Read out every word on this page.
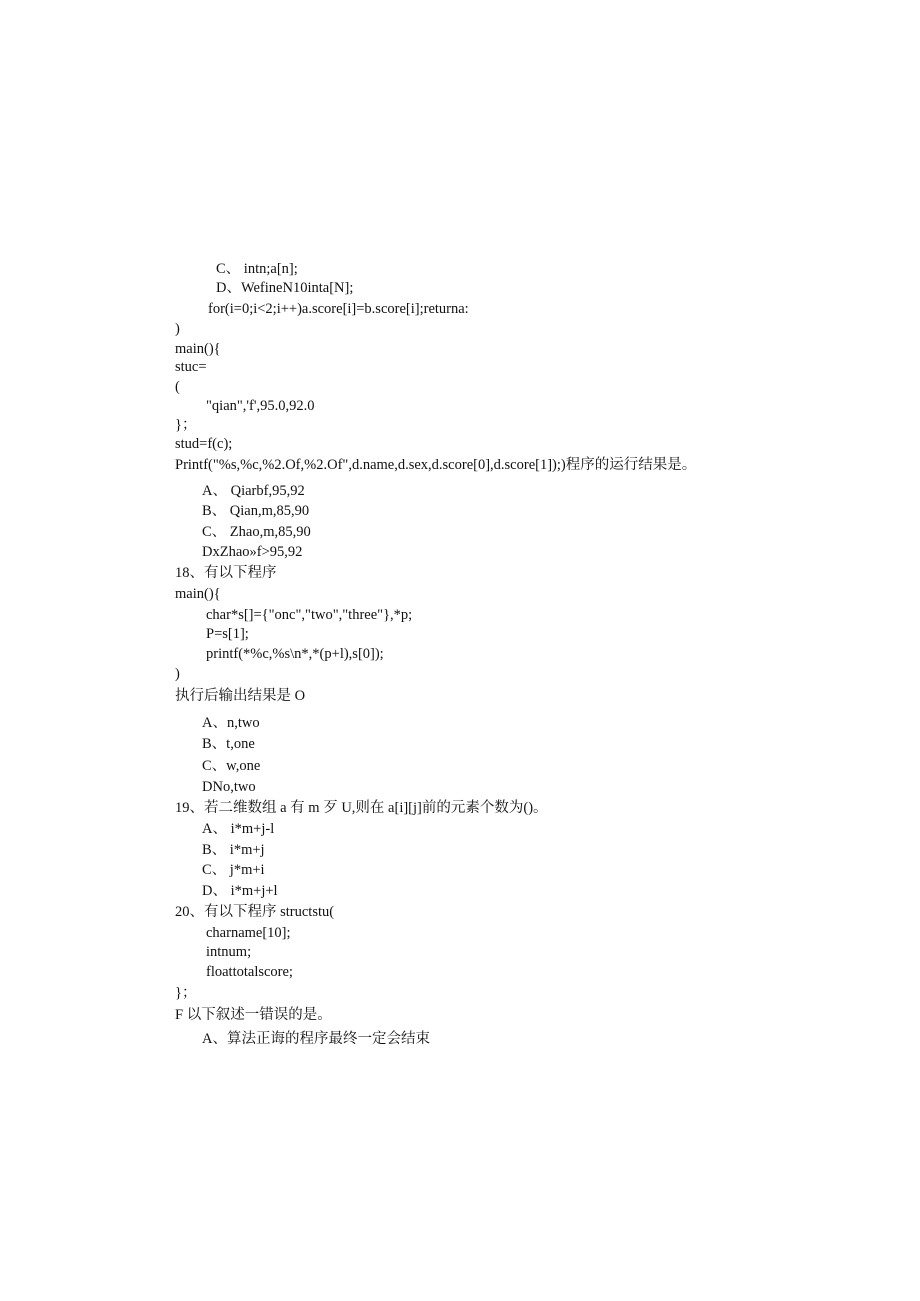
C、 intn;a[n];
D、WefineN10inta[N];
for(i=0;i<2;i++)a.score[i]=b.score[i];returna:
)
main(){
stuc=
(
"qian",'f',95.0,92.0
}；
stud=f(c);
Printf("%s,%c,%2.Of,%2.Of",d.name,d.sex,d.score[0],d.score[1]);)程序的运行结果是。
A、 Qiarbf,95,92
B、 Qian,m,85,90
C、 Zhao,m,85,90
DxZhao»f>95,92
18、有以下程序
main(){
char*s[]={"onc","two","three"},*p;
P=s[1];
printf(*%c,%s\n*,*(p+l),s[0]);
)
执行后输出结果是 O
A、n,two
B、t,one
C、w,one
DNo,two
19、若二维数组 a 有 m 歹 U,则在 a[i][j]前的元素个数为()。
A、 i*m+j-l
B、 i*m+j
C、 j*m+i
D、 i*m+j+l
20、有以下程序 structstu(
charname[10];
intnum;
floattotalscore;
}；
F 以下叙述一错误的是。
A、算法正诲的程序最终一定会结束
